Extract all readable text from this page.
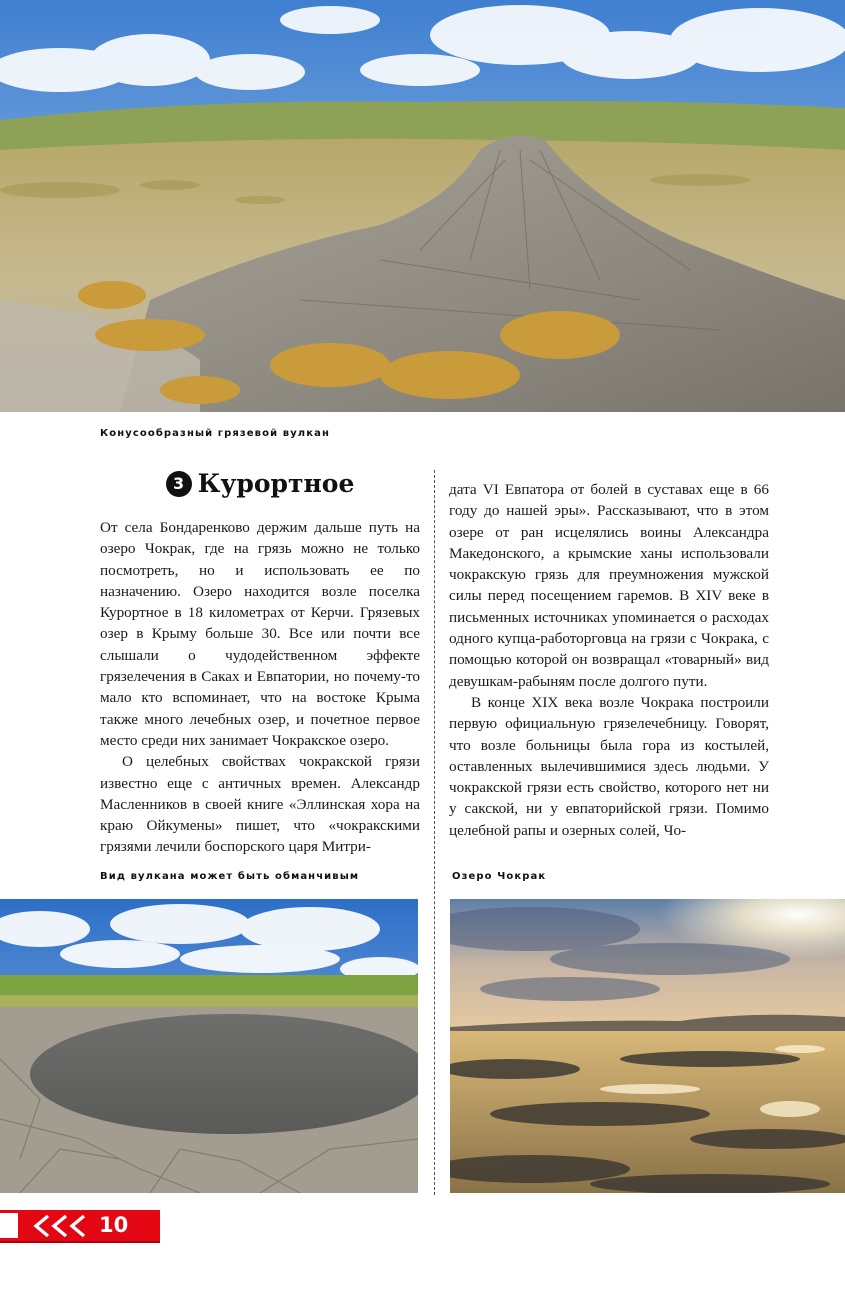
Конусообразный грязевой вулкан

3 Курортное

От села Бондаренково держим дальше путь на озеро Чокрак, где на грязь можно не только посмотреть, но и использовать ее по назначению. Озеро находится возле поселка Курортное в 18 километрах от Керчи. Грязевых озер в Крыму больше 30. Все или почти все слышали о чудодейственном эффекте грязелечения в Саках и Евпатории, но почему-то мало кто вспоминает, что на востоке Крыма также много лечебных озер, и почетное первое место среди них занимает Чокракское озеро.

О целебных свойствах чокракской грязи известно еще с античных времен. Александр Масленников в своей книге «Эллинская хора на краю Ойкумены» пишет, что «чокракскими грязями лечили боспорского царя Митри-

дата VI Евпатора от болей в суставах еще в 66 году до нашей эры». Рассказывают, что в этом озере от ран исцелялись воины Александра Македонского, а крымские ханы использовали чокракскую грязь для преумножения мужской силы перед посещением гаремов. В XIV веке в письменных источниках упоминается о расходах одного купца-работорговца на грязи с Чокрака, с помощью которой он возвращал «товарный» вид девушкам-рабыням после долгого пути.

В конце XIX века возле Чокрака построили первую официальную грязелечебницу. Говорят, что возле больницы была гора из костылей, оставленных вылечившимися здесь людьми. У чокракской грязи есть свойство, которого нет ни у сакской, ни у евпаторийской грязи. Помимо целебной рапы и озерных солей, Чо-

Вид вулкана может быть обманчивым	Озеро Чокрак

10
